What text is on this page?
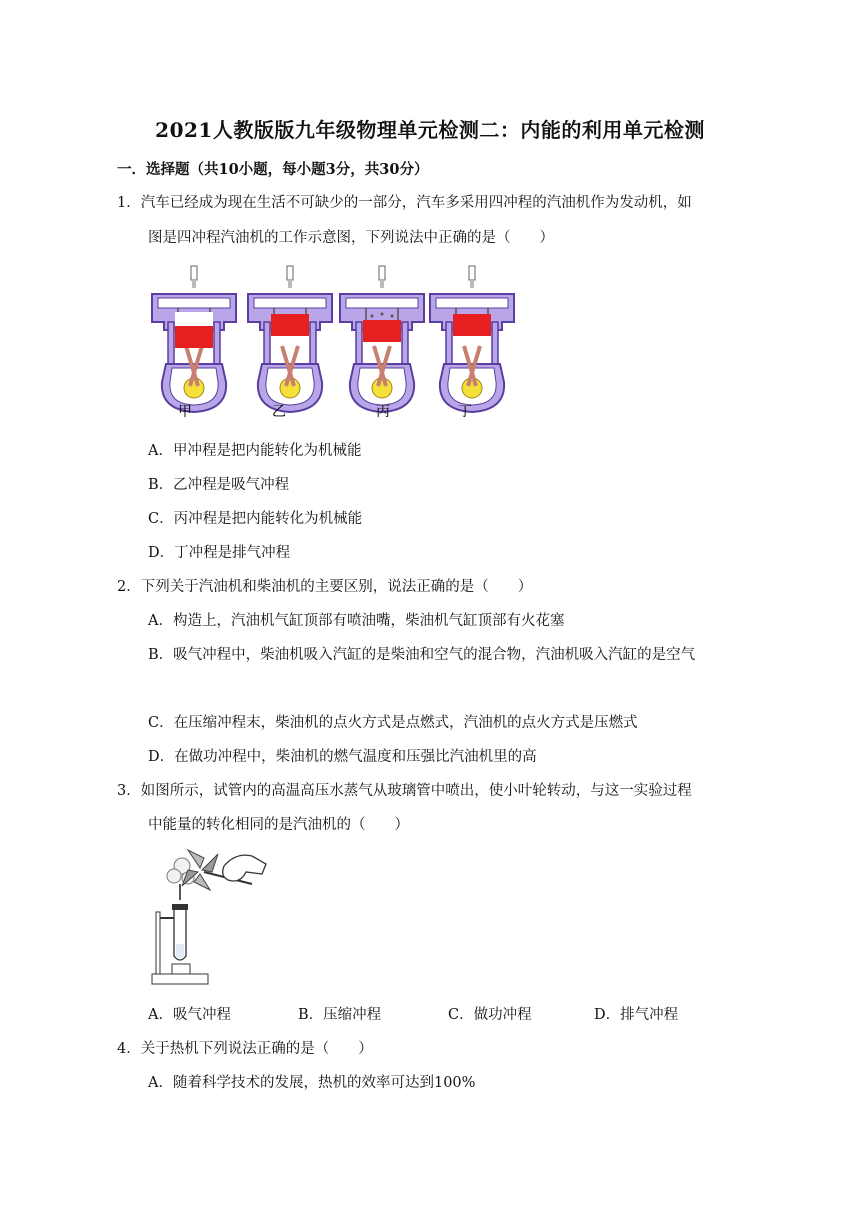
2021人教版版九年级物理单元检测二：内能的利用单元检测
一．选择题（共10小题，每小题3分，共30分）
1．汽车已经成为现在生活不可缺少的一部分，汽车多采用四冲程的汽油机作为发动机，如
图是四冲程汽油机的工作示意图，下列说法中正确的是（　　）
甲	乙	丙	丁
A．甲冲程是把内能转化为机械能
B．乙冲程是吸气冲程
C．丙冲程是把内能转化为机械能
D．丁冲程是排气冲程
2．下列关于汽油机和柴油机的主要区别，说法正确的是（　　）
A．构造上，汽油机气缸顶部有喷油嘴，柴油机气缸顶部有火花塞
B．吸气冲程中，柴油机吸入汽缸的是柴油和空气的混合物，汽油机吸入汽缸的是空气
C．在压缩冲程末，柴油机的点火方式是点燃式，汽油机的点火方式是压燃式
D．在做功冲程中，柴油机的燃气温度和压强比汽油机里的高
3．如图所示，试管内的高温高压水蒸气从玻璃管中喷出，使小叶轮转动，与这一实验过程
中能量的转化相同的是汽油机的（　　）
A．吸气冲程	B．压缩冲程	C．做功冲程	D．排气冲程
4．关于热机下列说法正确的是（　　）
A．随着科学技术的发展，热机的效率可达到100%
